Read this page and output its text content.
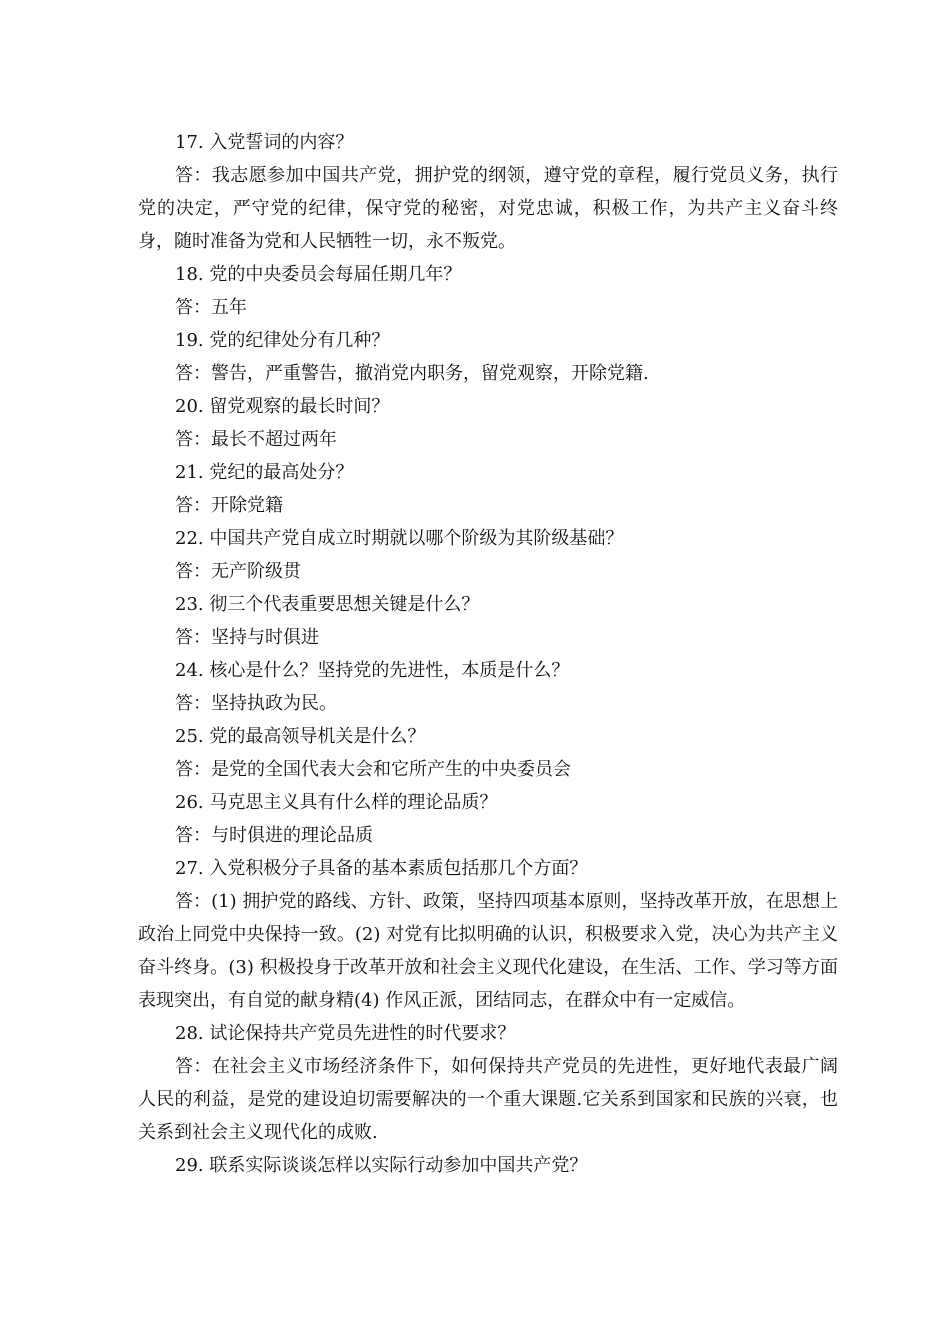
17. 入党誓词的内容？

答：我志愿参加中国共产党，拥护党的纲领，遵守党的章程，履行党员义务，执行党的决定，严守党的纪律，保守党的秘密，对党忠诚，积极工作，为共产主义奋斗终身，随时准备为党和人民牺牲一切，永不叛党。

18. 党的中央委员会每届任期几年？

答：五年

19. 党的纪律处分有几种？

答：警告，严重警告，撤消党内职务，留党观察，开除党籍.

20. 留党观察的最长时间？

答：最长不超过两年

21. 党纪的最高处分？

答：开除党籍

22. 中国共产党自成立时期就以哪个阶级为其阶级基础？

答：无产阶级贯

23. 彻三个代表重要思想关键是什么？

答：坚持与时俱进

24. 核心是什么？坚持党的先进性，本质是什么？

答：坚持执政为民。

25. 党的最高领导机关是什么？

答：是党的全国代表大会和它所产生的中央委员会

26. 马克思主义具有什么样的理论品质？

答：与时俱进的理论品质

27. 入党积极分子具备的基本素质包括那几个方面？

答：(1) 拥护党的路线、方针、政策，坚持四项基本原则，坚持改革开放，在思想上政治上同党中央保持一致。(2) 对党有比拟明确的认识，积极要求入党，决心为共产主义奋斗终身。(3) 积极投身于改革开放和社会主义现代化建设，在生活、工作、学习等方面表现突出，有自觉的献身精(4) 作风正派，团结同志，在群众中有一定威信。

28. 试论保持共产党员先进性的时代要求？

答：在社会主义市场经济条件下，如何保持共产党员的先进性，更好地代表最广阔人民的利益，是党的建设迫切需要解决的一个重大课题.它关系到国家和民族的兴衰，也关系到社会主义现代化的成败.

29. 联系实际谈谈怎样以实际行动参加中国共产党？
